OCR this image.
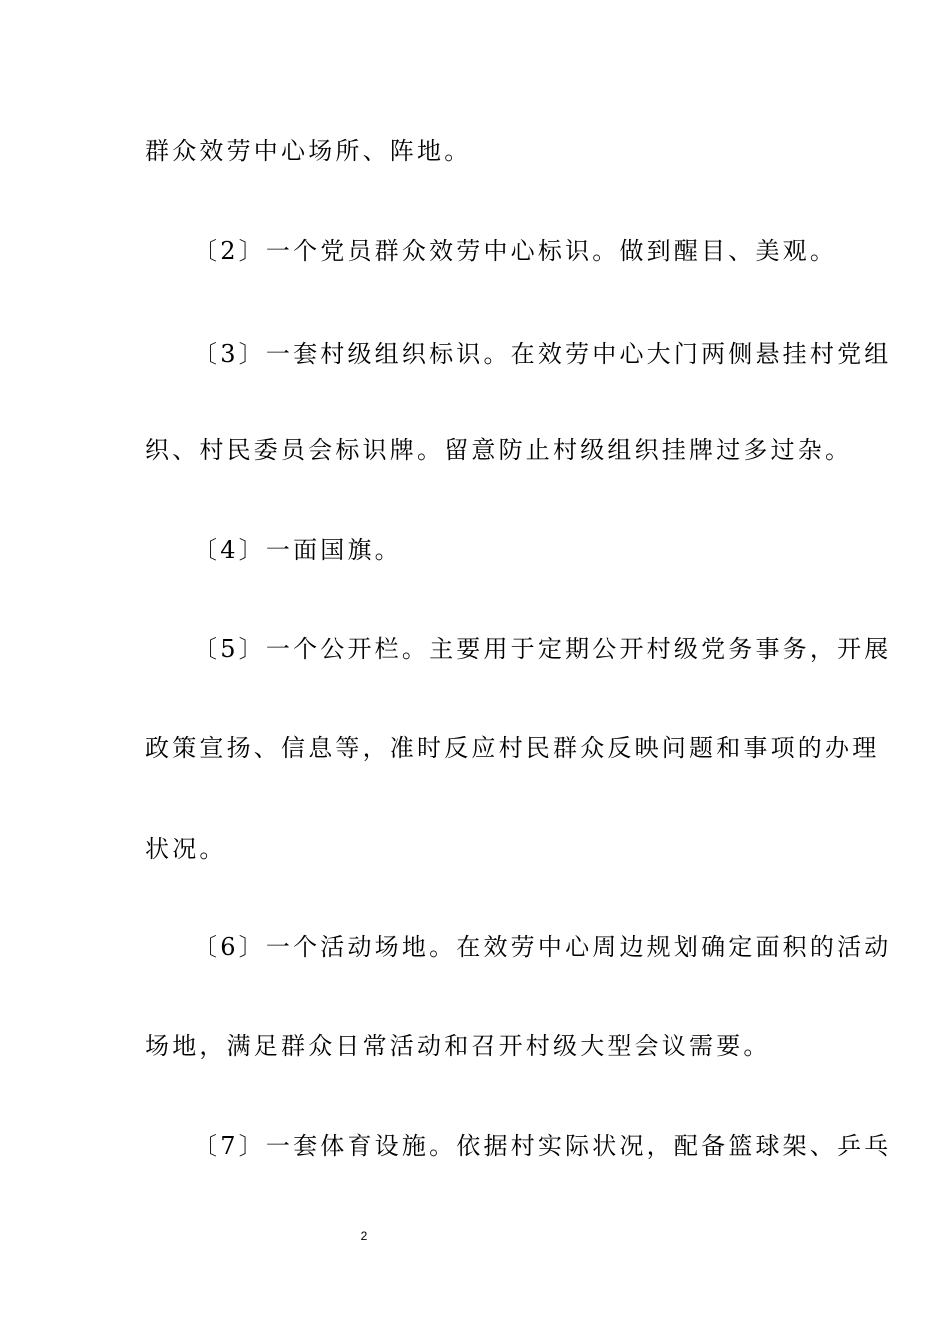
群众效劳中心场所、阵地。
〔2〕一个党员群众效劳中心标识。做到醒目、美观。
〔3〕一套村级组织标识。在效劳中心大门两侧悬挂村党组
织、村民委员会标识牌。留意防止村级组织挂牌过多过杂。
〔4〕一面国旗。
〔5〕一个公开栏。主要用于定期公开村级党务事务，开展
政策宣扬、信息等，准时反应村民群众反映问题和事项的办理
状况。
〔6〕一个活动场地。在效劳中心周边规划确定面积的活动
场地，满足群众日常活动和召开村级大型会议需要。
〔7〕一套体育设施。依据村实际状况，配备篮球架、乒乓
2
